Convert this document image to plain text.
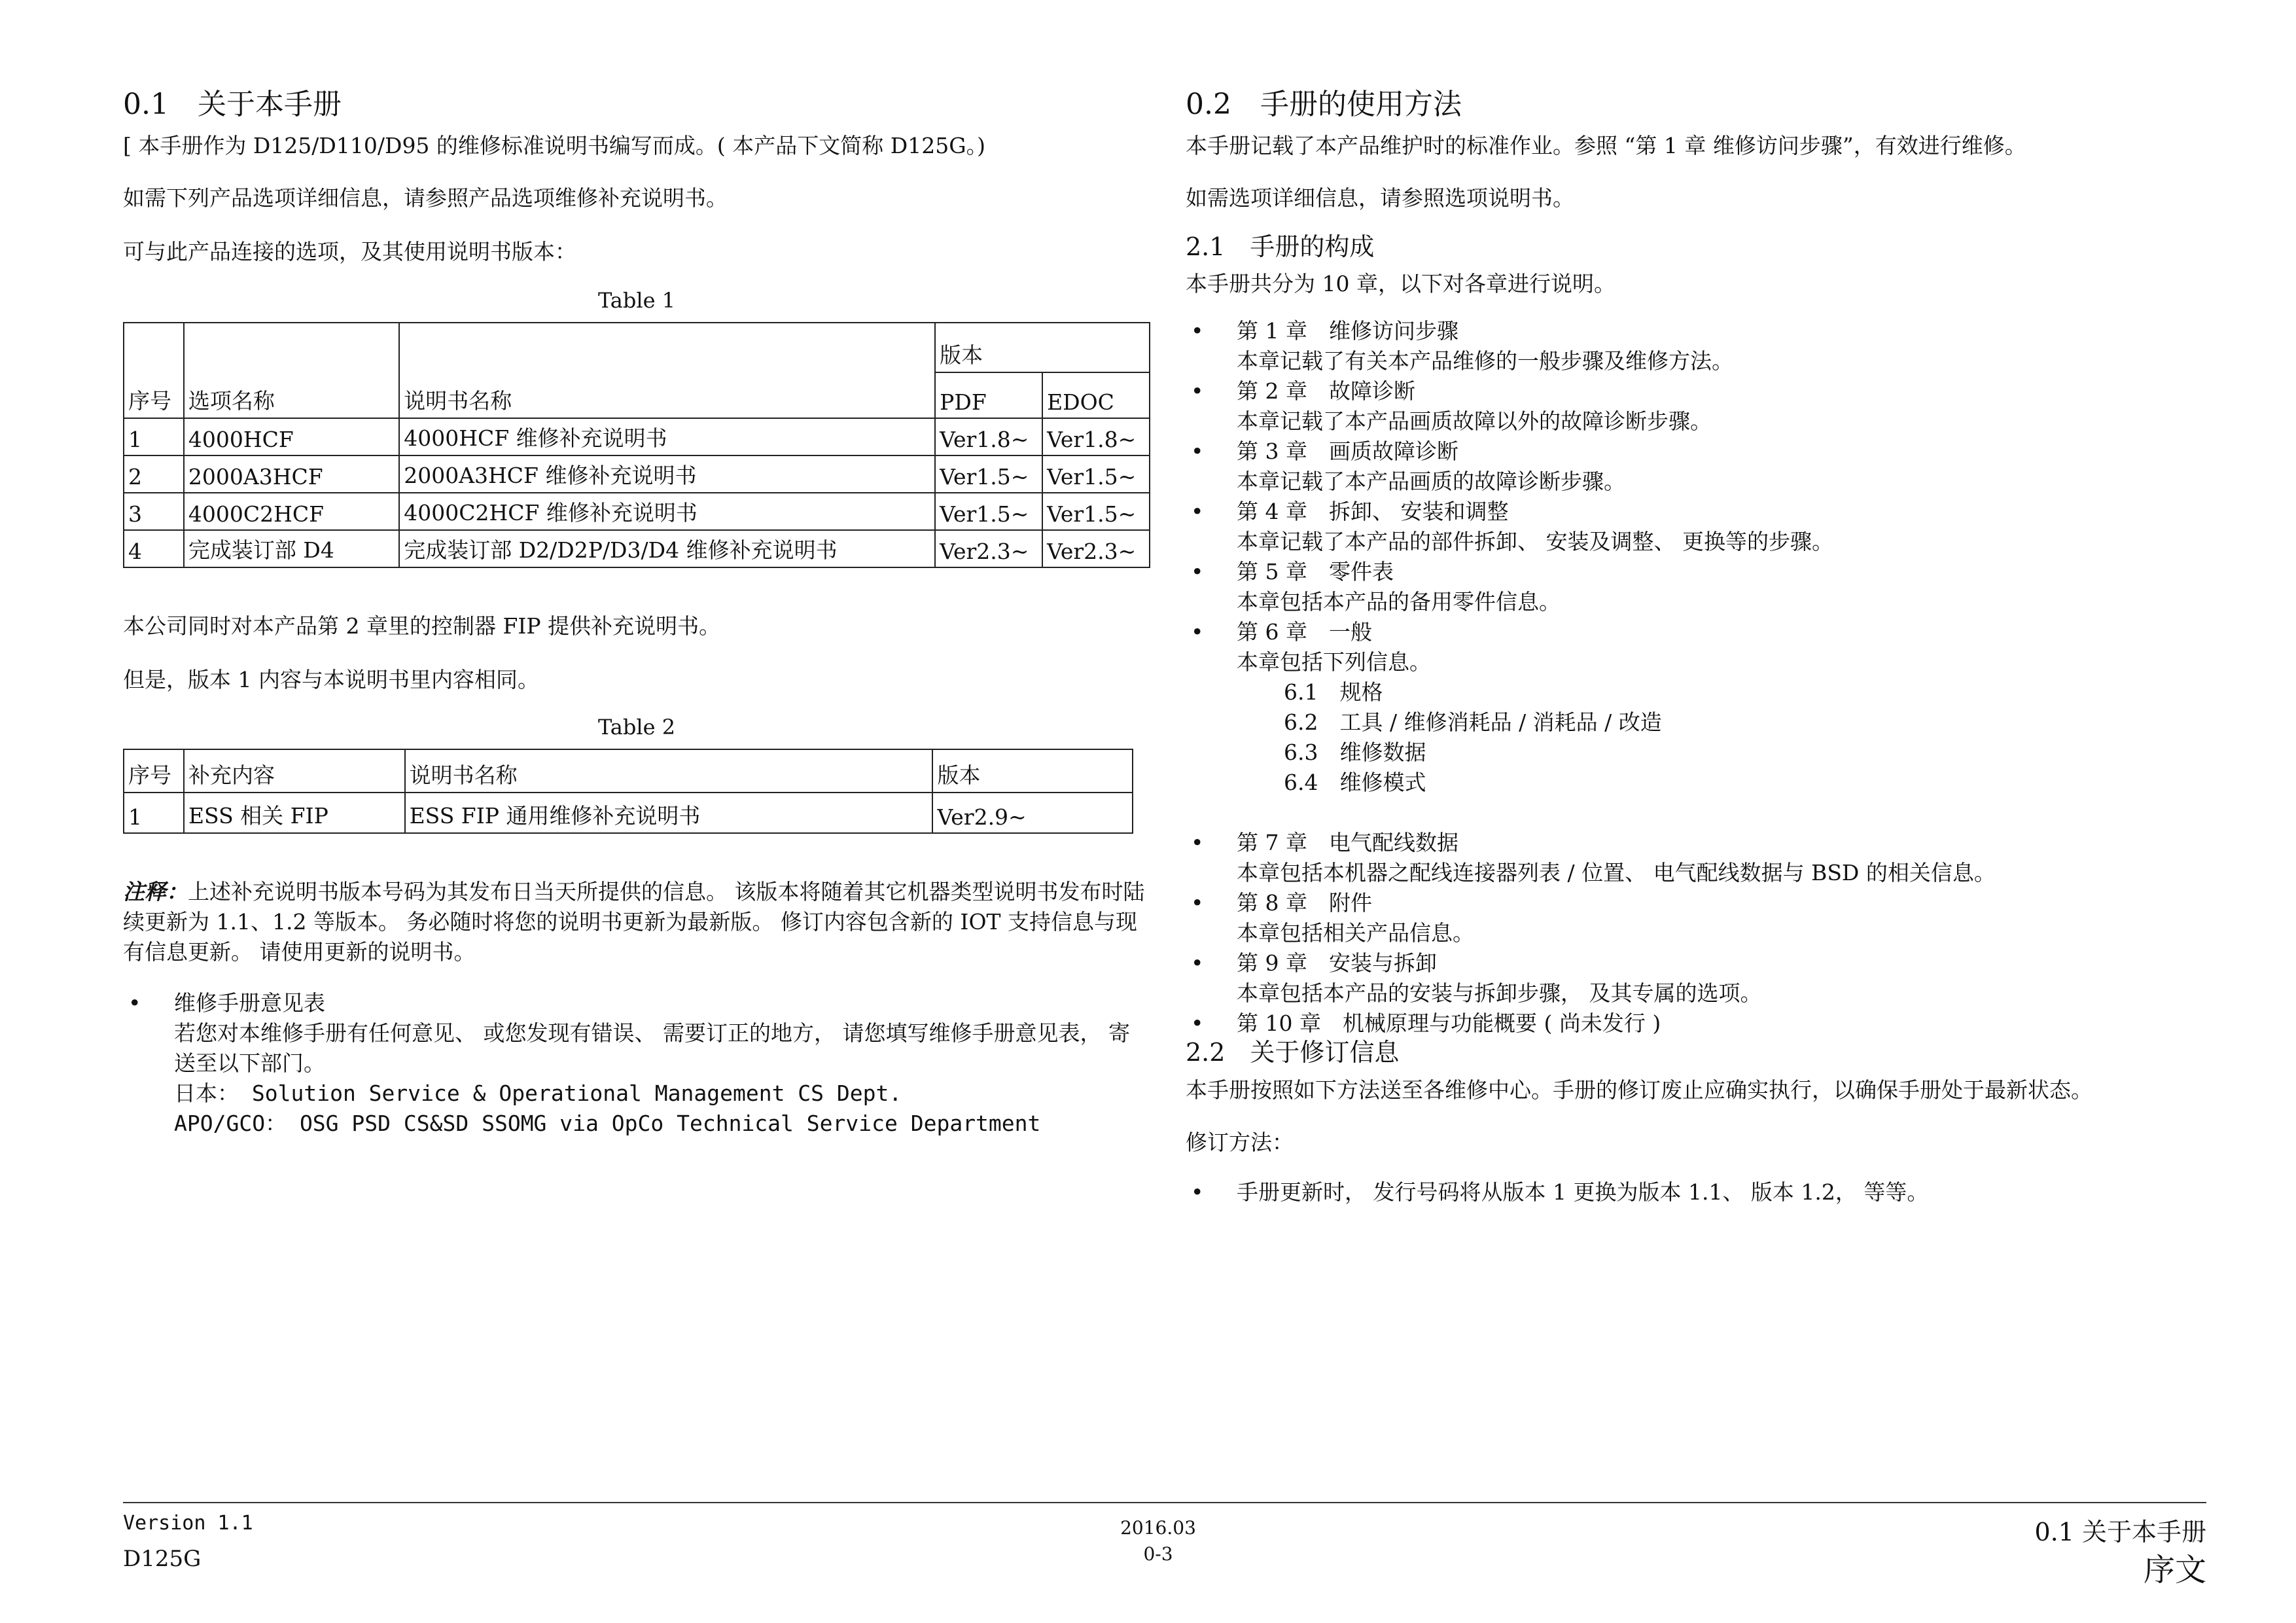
0.1　关于本手册

[ 本手册作为 D125/D110/D95 的维修标准说明书编写而成。( 本产品下文简称 D125G。)

如需下列产品选项详细信息，请参照产品选项维修补充说明书。

可与此产品连接的选项，及其使用说明书版本：

Table 1
序号	选项名称	说明书名称	版本	
			PDF	EDOC
1	4000HCF	4000HCF 维修补充说明书	Ver1.8~	Ver1.8~
2	2000A3HCF	2000A3HCF 维修补充说明书	Ver1.5~	Ver1.5~
3	4000C2HCF	4000C2HCF 维修补充说明书	Ver1.5~	Ver1.5~
4	完成装订部 D4	完成装订部 D2/D2P/D3/D4 维修补充说明书	Ver2.3~	Ver2.3~

本公司同时对本产品第 2 章里的控制器 FIP 提供补充说明书。

但是，版本 1 内容与本说明书里内容相同。

Table 2
序号	补充内容	说明书名称	版本
1	ESS 相关 FIP	ESS FIP 通用维修补充说明书	Ver2.9~

注释：上述补充说明书版本号码为其发布日当天所提供的信息。 该版本将随着其它机器类型说明书发布时陆续更新为 1.1、1.2 等版本。 务必随时将您的说明书更新为最新版。 修订内容包含新的 IOT 支持信息与现有信息更新。 请使用更新的说明书。

• 维修手册意见表
若您对本维修手册有任何意见、 或您发现有错误、 需要订正的地方， 请您填写维修手册意见表， 寄送至以下部门。
日本： Solution Service & Operational Management CS Dept.
APO/GCO： OSG PSD CS&SD SSOMG via OpCo Technical Service Department
0.2　手册的使用方法

本手册记载了本产品维护时的标准作业。参照 “第 1 章 维修访问步骤”，有效进行维修。

如需选项详细信息，请参照选项说明书。

2.1　手册的构成

本手册共分为 10 章，以下对各章进行说明。

• 第 1 章　维修访问步骤
本章记载了有关本产品维修的一般步骤及维修方法。
• 第 2 章　故障诊断
本章记载了本产品画质故障以外的故障诊断步骤。
• 第 3 章　画质故障诊断
本章记载了本产品画质的故障诊断步骤。
• 第 4 章　拆卸、 安装和调整
本章记载了本产品的部件拆卸、 安装及调整、 更换等的步骤。
• 第 5 章　零件表
本章包括本产品的备用零件信息。
• 第 6 章　一般
本章包括下列信息。
6.1　规格
6.2　工具 / 维修消耗品 / 消耗品 / 改造
6.3　维修数据
6.4　维修模式
• 第 7 章　电气配线数据
本章包括本机器之配线连接器列表 / 位置、 电气配线数据与 BSD 的相关信息。
• 第 8 章　附件
本章包括相关产品信息。
• 第 9 章　安装与拆卸
本章包括本产品的安装与拆卸步骤， 及其专属的选项。
• 第 10 章　机械原理与功能概要 ( 尚未发行 )
2.2　关于修订信息

本手册按照如下方法送至各维修中心。手册的修订废止应确实执行，以确保手册处于最新状态。

修订方法：

• 手册更新时， 发行号码将从版本 1 更换为版本 1.1、 版本 1.2， 等等。
Version 1.1
D125G
2016.03
0-3
0.1 关于本手册
序文
